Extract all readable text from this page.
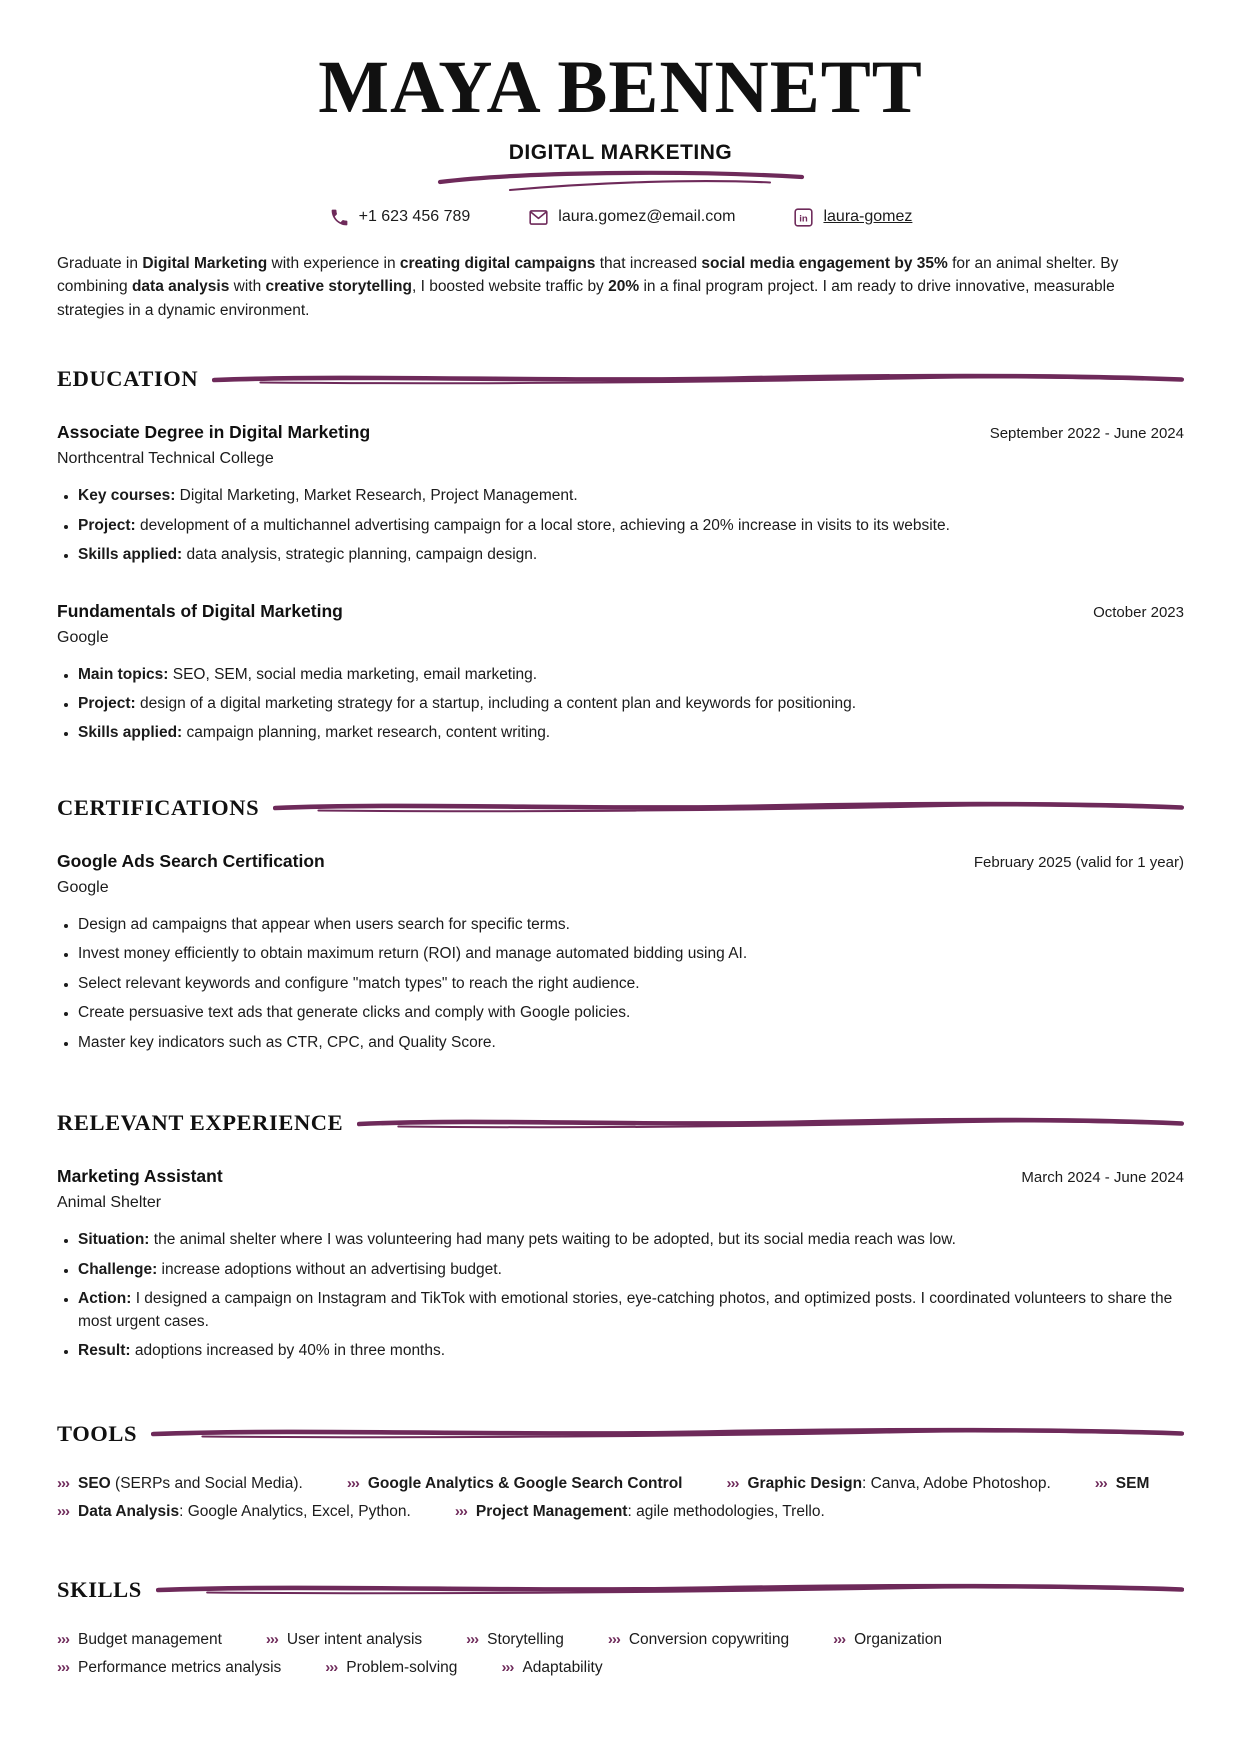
MAYA BENNETT
DIGITAL MARKETING
+1 623 456 789	laura.gomez@email.com	in laura-gomez

Graduate in Digital Marketing with experience in creating digital campaigns that increased social media engagement by 35% for an animal shelter. By combining data analysis with creative storytelling, I boosted website traffic by 20% in a final program project. I am ready to drive innovative, measurable strategies in a dynamic environment.

EDUCATION
Associate Degree in Digital Marketing	September 2022 - June 2024
Northcentral Technical College
• Key courses: Digital Marketing, Market Research, Project Management.
• Project: development of a multichannel advertising campaign for a local store, achieving a 20% increase in visits to its website.
• Skills applied: data analysis, strategic planning, campaign design.
Fundamentals of Digital Marketing	October 2023
Google
• Main topics: SEO, SEM, social media marketing, email marketing.
• Project: design of a digital marketing strategy for a startup, including a content plan and keywords for positioning.
• Skills applied: campaign planning, market research, content writing.
CERTIFICATIONS
Google Ads Search Certification	February 2025 (valid for 1 year)
Google
• Design ad campaigns that appear when users search for specific terms.
• Invest money efficiently to obtain maximum return (ROI) and manage automated bidding using AI.
• Select relevant keywords and configure "match types" to reach the right audience.
• Create persuasive text ads that generate clicks and comply with Google policies.
• Master key indicators such as CTR, CPC, and Quality Score.
RELEVANT EXPERIENCE
Marketing Assistant	March 2024 - June 2024
Animal Shelter
• Situation: the animal shelter where I was volunteering had many pets waiting to be adopted, but its social media reach was low.
• Challenge: increase adoptions without an advertising budget.
• Action: I designed a campaign on Instagram and TikTok with emotional stories, eye-catching photos, and optimized posts. I coordinated volunteers to share the most urgent cases.
• Result: adoptions increased by 40% in three months.
TOOLS
››› SEO (SERPs and Social Media).	››› Google Analytics & Google Search Control	››› Graphic Design: Canva, Adobe Photoshop.	››› SEM
››› Data Analysis: Google Analytics, Excel, Python.	››› Project Management: agile methodologies, Trello.
SKILLS
››› Budget management	››› User intent analysis	››› Storytelling	››› Conversion copywriting	››› Organization
››› Performance metrics analysis	››› Problem-solving	››› Adaptability
